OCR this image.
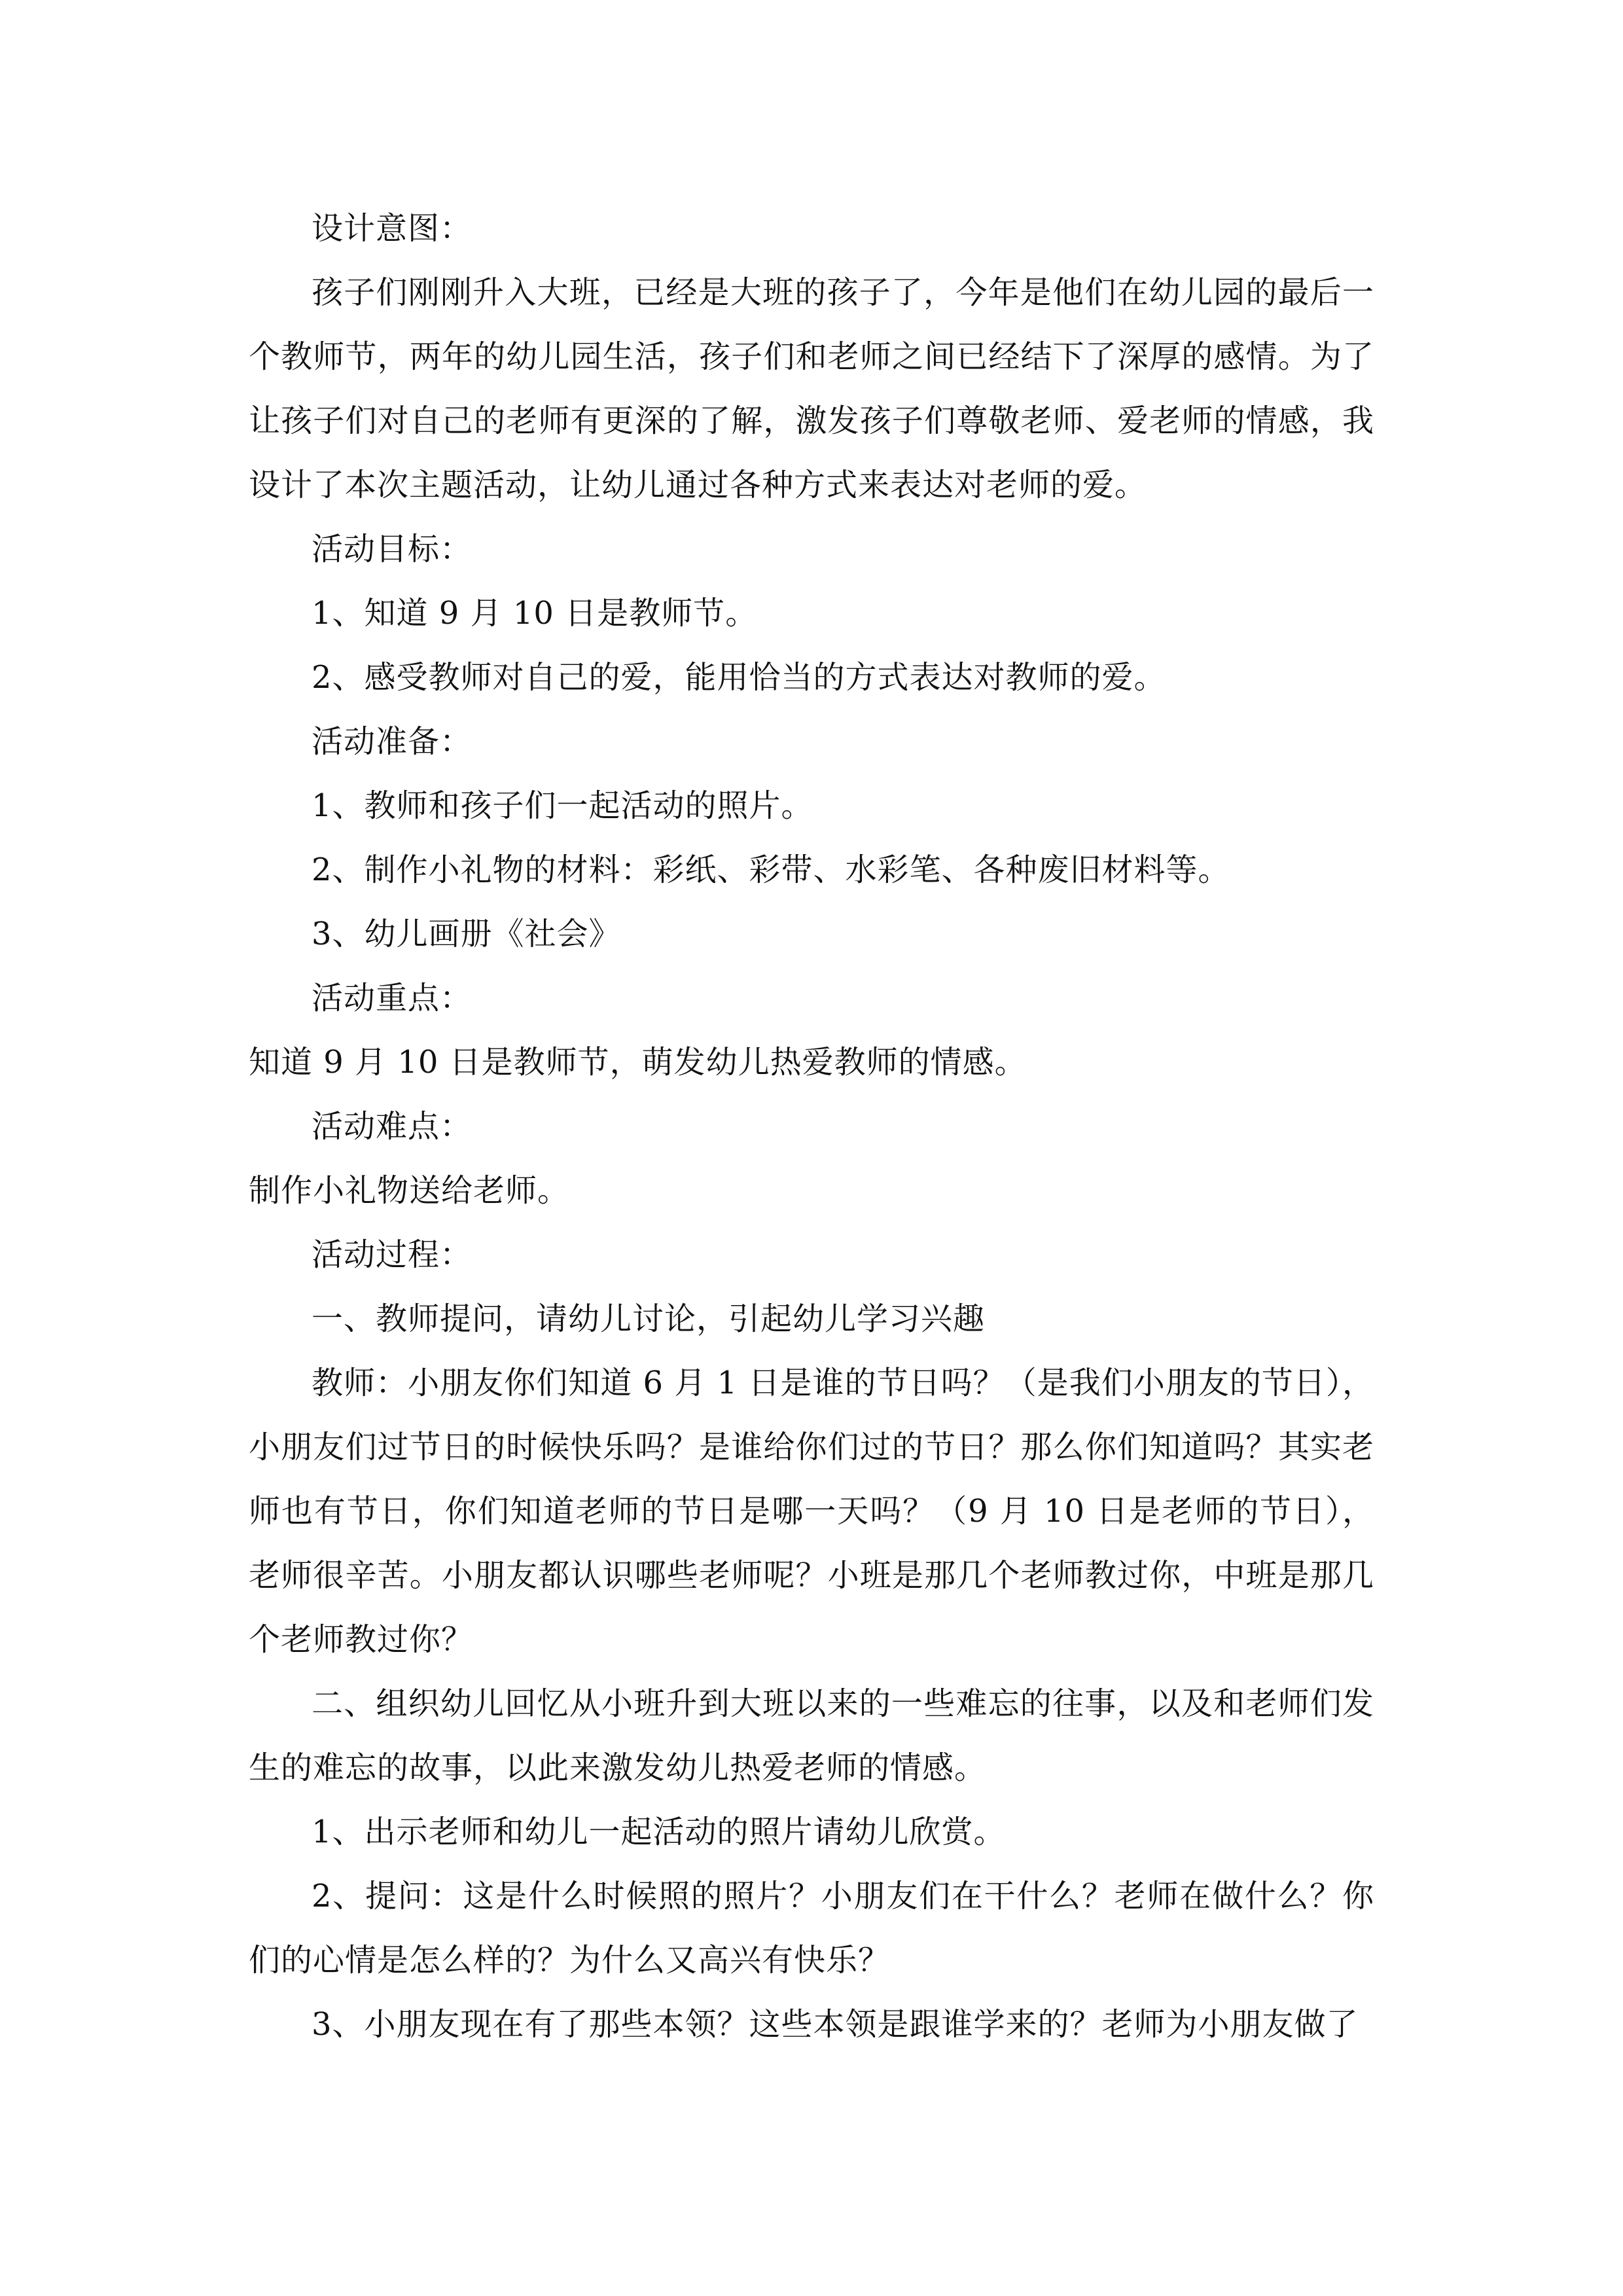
设计意图：

孩子们刚刚升入大班，已经是大班的孩子了，今年是他们在幼儿园的最后一个教师节，两年的幼儿园生活，孩子们和老师之间已经结下了深厚的感情。为了让孩子们对自己的老师有更深的了解，激发孩子们尊敬老师、爱老师的情感，我设计了本次主题活动，让幼儿通过各种方式来表达对老师的爱。

活动目标：

1、知道 9 月 10 日是教师节。

2、感受教师对自己的爱，能用恰当的方式表达对教师的爱。

活动准备：

1、教师和孩子们一起活动的照片。

2、制作小礼物的材料：彩纸、彩带、水彩笔、各种废旧材料等。

3、幼儿画册《社会》

活动重点：

知道 9 月 10 日是教师节，萌发幼儿热爱教师的情感。

活动难点：

制作小礼物送给老师。

活动过程：

一、教师提问，请幼儿讨论，引起幼儿学习兴趣

教师：小朋友你们知道 6 月 1 日是谁的节日吗？（是我们小朋友的节日），小朋友们过节日的时候快乐吗？是谁给你们过的节日？那么你们知道吗？其实老师也有节日，你们知道老师的节日是哪一天吗？（9 月 10 日是老师的节日），老师很辛苦。小朋友都认识哪些老师呢？小班是那几个老师教过你，中班是那几个老师教过你？

二、组织幼儿回忆从小班升到大班以来的一些难忘的往事，以及和老师们发生的难忘的故事，以此来激发幼儿热爱老师的情感。

1、出示老师和幼儿一起活动的照片请幼儿欣赏。

2、提问：这是什么时候照的照片？小朋友们在干什么？老师在做什么？你们的心情是怎么样的？为什么又高兴有快乐？

3、小朋友现在有了那些本领？这些本领是跟谁学来的？老师为小朋友做了
